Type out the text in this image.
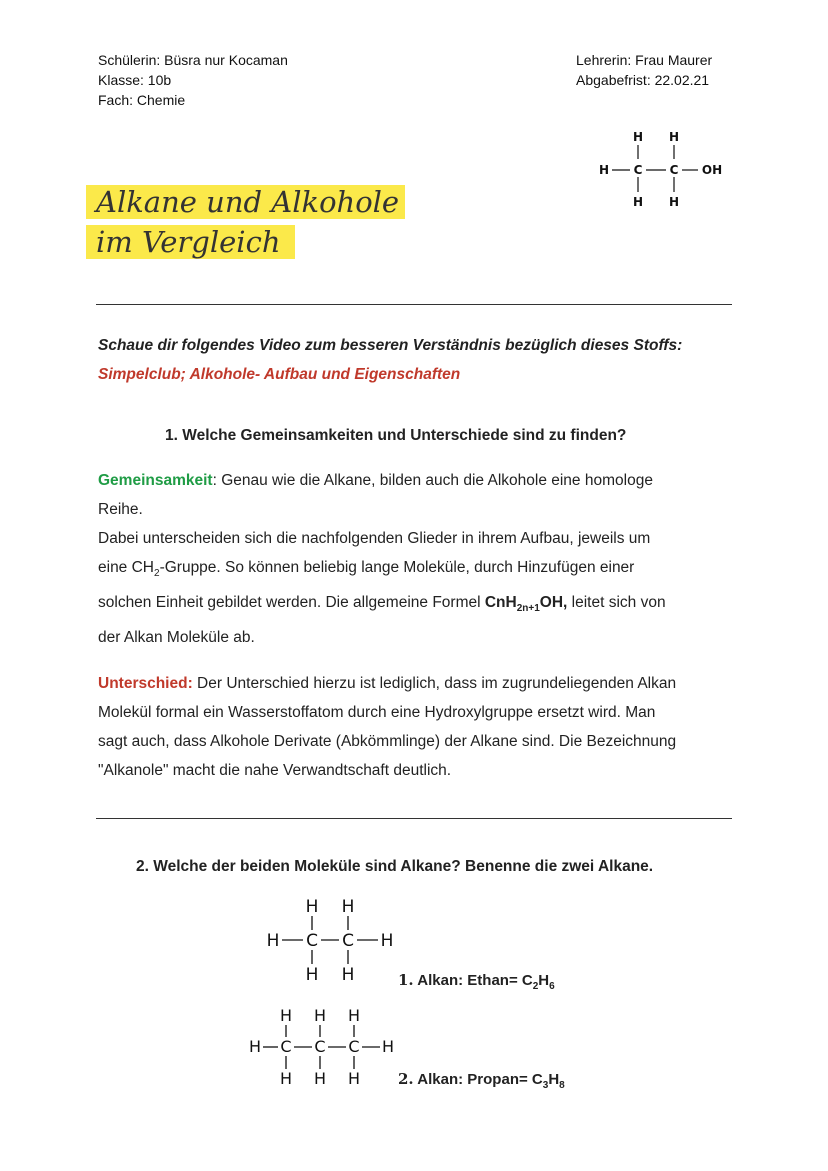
Schülerin: Büsra nur Kocaman
Klasse: 10b
Fach: Chemie
Lehrerin: Frau Maurer
Abgabefrist: 22.02.21
H H
H C C OH
H H
Alkane und Alkohole
im Vergleich
Schaue dir folgendes Video zum besseren Verständnis bezüglich dieses Stoffs:
Simpelclub; Alkohole- Aufbau und Eigenschaften
1. Welche Gemeinsamkeiten und Unterschiede sind zu finden?
Gemeinsamkeit: Genau wie die Alkane, bilden auch die Alkohole eine homologe
Reihe.
Dabei unterscheiden sich die nachfolgenden Glieder in ihrem Aufbau, jeweils um
eine $CH_2$-Gruppe. So können beliebig lange Moleküle, durch Hinzufügen einer
solchen Einheit gebildet werden. Die allgemeine Formel CnH$_{2n+1}$OH, leitet sich von
der Alkan Moleküle ab.
Unterschied: Der Unterschied hierzu ist lediglich, dass im zugrundeliegenden Alkan
Molekül formal ein Wasserstoffatom durch eine Hydroxylgruppe ersetzt wird. Man
sagt auch, dass Alkohole Derivate (Abkömmlinge) der Alkane sind. Die Bezeichnung
"Alkanole" macht die nahe Verwandtschaft deutlich.
2. Welche der beiden Moleküle sind Alkane? Benenne die zwei Alkane.
H H
H C C H
H H	1. Alkan: Ethan= $C_2H_6$
H H H
H C C C H
H H H	2. Alkan: Propan= $C_3H_8$
